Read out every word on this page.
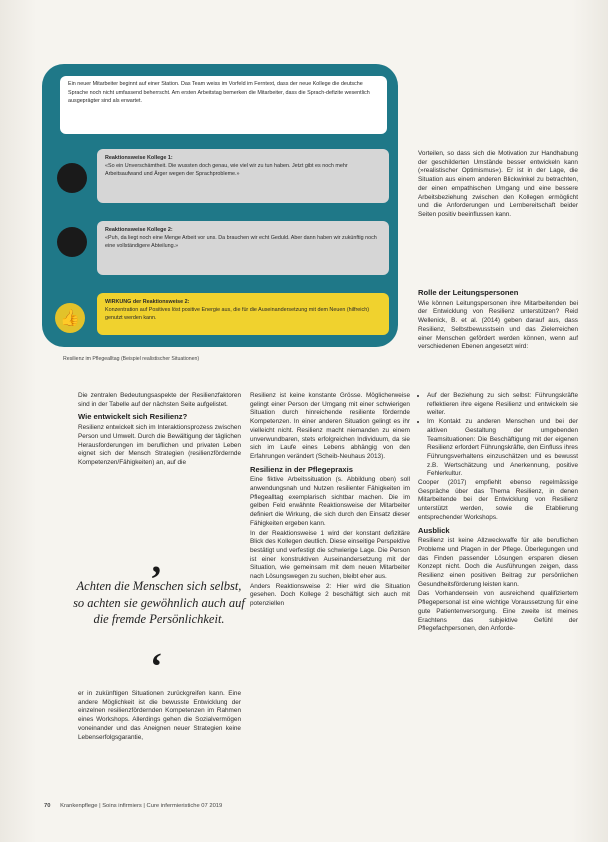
Ein neuer Mitarbeiter beginnt auf einer Station. Das Team weiss im Vorfeld im Ferntext, dass der neue Kollege die deutsche Sprache noch nicht umfassend beherrscht. Am ersten Arbeitstag bemerken die Mitarbeiter, dass die Sprach-defizite wesentlich ausgeprägter sind als erwartet.
👍
Reaktionsweise Kollege 1:
«So ein Unverschämtheit. Die wussten doch genau, wie viel wir zu tun haben. Jetzt gibt es noch mehr Arbeitsaufwand und Ärger wegen der Sprachprobleme.»
Reaktionsweise Kollege 2:
«Puh, da liegt noch eine Menge Arbeit vor uns. Da brauchen wir echt Geduld. Aber dann haben wir zukünftig noch eine vollständigere Abteilung.»
WIRKUNG der Reaktionsweise 2:
Konzentration auf Positives löst positive Energie aus, die für die Auseinandersetzung mit dem Neuen (hilfreich) genutzt werden kann.
Resilienz im Pflegealltag (Beispiel realistischer Situationen)

Vorteilen, so dass sich die Motivation zur Handhabung der geschilderten Umstände besser entwickeln kann (»realistischer Optimismus«). Er ist in der Lage, die Situation aus einem anderen Blickwinkel zu betrachten, der einen empathischen Umgang und eine bessere Arbeitsbeziehung zwischen den Kollegen ermöglicht und die Anforderungen und Lernbereitschaft beider Seiten positiv beeinflussen kann.

Rolle der Leitungspersonen

Wie können Leitungspersonen ihre Mitarbeitenden bei der Entwicklung von Resilienz unterstützen? Reid Wellenick, B. et al. (2014) geben darauf aus, dass Resilienz, Selbstbewusstsein und das Zielerreichen einer Menschen gefördert werden können, wenn auf verschiedenen Ebenen angesetzt wird:

Die zentralen Bedeutungsaspekte der Resilienzfaktoren sind in der Tabelle auf der nächsten Seite aufgelistet.

Wie entwickelt sich Resilienz?

Resilienz entwickelt sich im Interaktionsprozess zwischen Person und Umwelt. Durch die Bewältigung der täglichen Herausforderungen im beruflichen und privaten Leben eignet sich der Mensch Strategien (resilienzfördernde Kompetenzen/Fähigkeiten) an, auf die

‚
Achten die Menschen sich selbst, so achten sie gewöhnlich auch auf die fremde Persönlichkeit.
‘

er in zukünftigen Situationen zurückgreifen kann. Eine andere Möglichkeit ist die bewusste Entwicklung der einzelnen resilienzfördernden Kompetenzen im Rahmen eines Workshops. Allerdings gehen die Sozialvermögen voneinander und das Aneignen neuer Strategien keine Lebenserfolgsgarantie,

Resilienz ist keine konstante Grösse. Möglicherweise gelingt einer Person der Umgang mit einer schwierigen Situation durch hinreichende resiliente fördernde Kompetenzen. In einer anderen Situation gelingt es ihr vielleicht nicht. Resilienz macht niemanden zu einem unverwundbaren, stets erfolgreichen Individuum, da sie sich im Laufe eines Lebens abhängig von den Erfahrungen verändert (Scheib-Neuhaus 2013).

Resilienz in der Pflegepraxis

Eine fiktive Arbeitssituation (s. Abbildung oben) soll anwendungsnah und Nutzen resilienter Fähigkeiten im Pflegealltag exemplarisch sichtbar machen. Die im gelben Feld erwähnte Reaktionsweise der Mitarbeiter definiert die Wirkung, die sich durch den Einsatz dieser Fähigkeiten ergeben kann.

In der Reaktionsweise 1 wird der konstant defizitäre Blick des Kollegen deutlich. Diese einseitige Perspektive bestätigt und verfestigt die schwierige Lage. Die Person ist einer konstruktiven Auseinandersetzung mit der Situation, wie gemeinsam mit dem neuen Mitarbeiter nach Lösungswegen zu suchen, bleibt eher aus.

Anders Reaktionsweise 2: Hier wird die Situation gesehen. Doch Kollege 2 beschäftigt sich auch mit potenziellen

• Auf der Beziehung zu sich selbst: Führungskräfte reflektieren ihre eigene Resilienz und entwickeln sie weiter.
• Im Kontakt zu anderen Menschen und bei der aktiven Gestaltung der umgebenden Teamsituationen: Die Beschäftigung mit der eigenen Resilienz erfordert Führungskräfte, den Einfluss ihres Führungsverhaltens einzuschätzen und es bewusst z.B. Wertschätzung und Anerkennung, positive Fehlerkultur.

Cooper (2017) empfiehlt ebenso regelmässige Gespräche über das Thema Resilienz, in denen Mitarbeitende bei der Entwicklung von Resilienz unterstützt werden, sowie die Etablierung entsprechender Workshops.

Ausblick

Resilienz ist keine Allzweckwaffe für alle beruflichen Probleme und Plagen in der Pflege. Überlegungen und das Finden passender Lösungen ersparen diesen Konzept nicht. Doch die Ausführungen zeigen, dass Resilienz einen positiven Beitrag zur persönlichen Gesundheitsförderung leisten kann.

Das Vorhandensein von ausreichend qualifiziertem Pflegepersonal ist eine wichtige Voraussetzung für eine gute Patientenversorgung. Eine zweite ist meines Erachtens das subjektive Gefühl der Pflegefachpersonen, den Anforde-

70 Krankenpflege | Soins infirmiers | Cure infermieristiche 07 2019
